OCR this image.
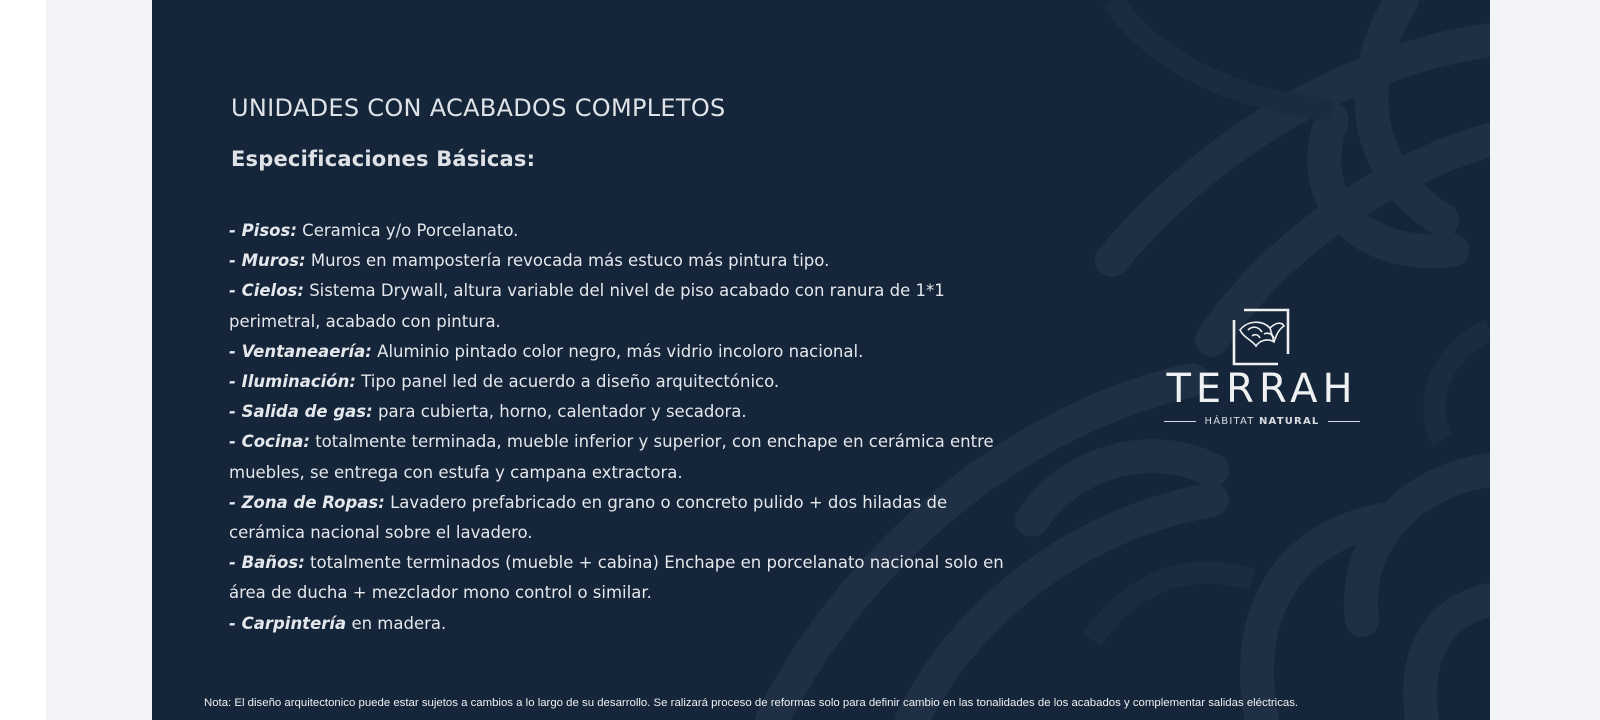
UNIDADES CON ACABADOS COMPLETOS
Especificaciones Básicas:
- Pisos: Ceramica y/o Porcelanato.
- Muros: Muros en mampostería revocada más estuco más pintura tipo.
- Cielos: Sistema Drywall, altura variable del nivel de piso acabado con ranura de 1*1 perimetral, acabado con pintura.
- Ventaneaería: Aluminio pintado color negro, más vidrio incoloro nacional.
- Iluminación: Tipo panel led de acuerdo a diseño arquitectónico.
- Salida de gas: para cubierta, horno, calentador y secadora.
- Cocina: totalmente terminada, mueble inferior y superior, con enchape en cerámica entre muebles, se entrega con estufa y campana extractora.
- Zona de Ropas: Lavadero prefabricado en grano o concreto pulido + dos hiladas de cerámica nacional sobre el lavadero.
- Baños: totalmente terminados (mueble + cabina) Enchape en porcelanato nacional solo en área de ducha + mezclador mono control o similar.
- Carpintería en madera.
TERRAH
HÁBITAT NATURAL

Nota: El diseño arquitectonico puede estar sujetos a cambios a lo largo de su desarrollo. Se ralizará proceso de reformas solo para definir cambio en las tonalidades de los acabados y complementar salidas eléctricas.
